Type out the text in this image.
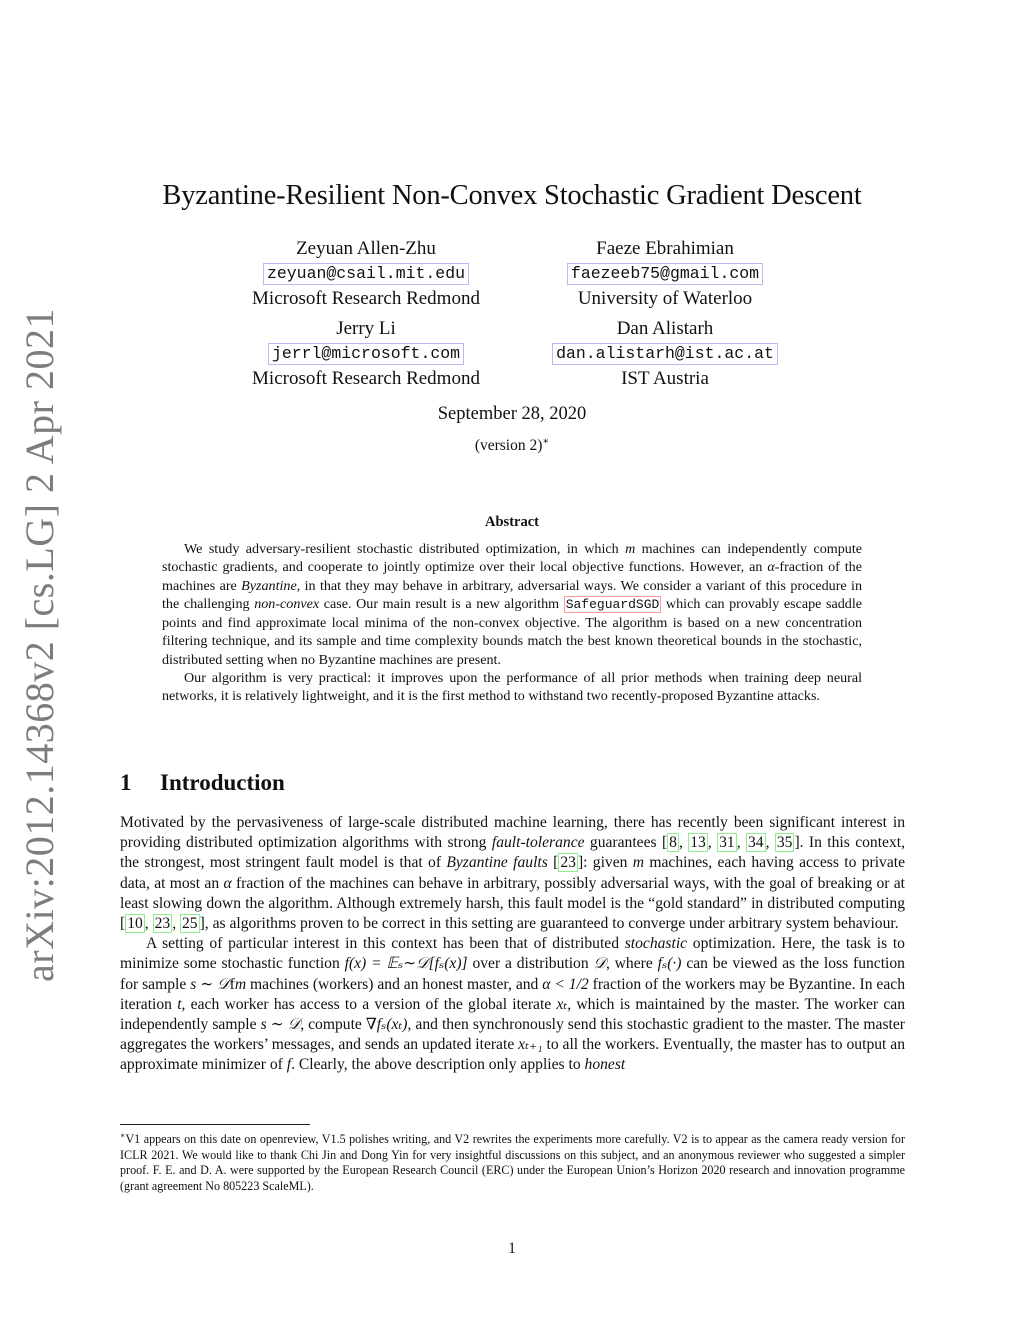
arXiv:2012.14368v2 [cs.LG] 2 Apr 2021
Byzantine-Resilient Non-Convex Stochastic Gradient Descent
Zeyuan Allen-Zhu
zeyuan@csail.mit.edu
Microsoft Research Redmond
Faeze Ebrahimian
faezeeb75@gmail.com
University of Waterloo
Jerry Li
jerrl@microsoft.com
Microsoft Research Redmond
Dan Alistarh
dan.alistarh@ist.ac.at
IST Austria
September 28, 2020
(version 2)∗
Abstract

We study adversary-resilient stochastic distributed optimization, in which m machines can independently compute stochastic gradients, and cooperate to jointly optimize over their local objective functions. However, an α-fraction of the machines are Byzantine, in that they may behave in arbitrary, adversarial ways. We consider a variant of this procedure in the challenging non-convex case. Our main result is a new algorithm SafeguardSGD which can provably escape saddle points and find approximate local minima of the non-convex objective. The algorithm is based on a new concentration filtering technique, and its sample and time complexity bounds match the best known theoretical bounds in the stochastic, distributed setting when no Byzantine machines are present.

Our algorithm is very practical: it improves upon the performance of all prior methods when training deep neural networks, it is relatively lightweight, and it is the first method to withstand two recently-proposed Byzantine attacks.

1 Introduction

Motivated by the pervasiveness of large-scale distributed machine learning, there has recently been significant interest in providing distributed optimization algorithms with strong fault-tolerance guarantees [ 8 , 13 , 31 , 34 , 35 ]. In this context, the strongest, most stringent fault model is that of Byzantine faults [ 23 ]: given m machines, each having access to private data, at most an α fraction of the machines can behave in arbitrary, possibly adversarial ways, with the goal of breaking or at least slowing down the algorithm. Although extremely harsh, this fault model is the “gold standard” in distributed computing [ 10 , 23 , 25 ], as algorithms proven to be correct in this setting are guaranteed to converge under arbitrary system behaviour.

A setting of particular interest in this context has been that of distributed stochastic optimization. Here, the task is to minimize some stochastic function f(x) = 𝔼ₛ∼𝒟[fₛ(x)] over a distribution 𝒟, where fₛ(·) can be viewed as the loss function for sample s ∼ 𝒟fm machines (workers) and an honest master, and α < 1/2 fraction of the workers may be Byzantine. In each iteration t, each worker has access to a version of the global iterate xₜ, which is maintained by the master. The worker can independently sample s ∼ 𝒟, compute ∇fₛ(xₜ), and then synchronously send this stochastic gradient to the master. The master aggregates the workers’ messages, and sends an updated iterate xₜ₊₁ to all the workers. Eventually, the master has to output an approximate minimizer of f. Clearly, the above description only applies to honest

∗V1 appears on this date on openreview, V1.5 polishes writing, and V2 rewrites the experiments more carefully. V2 is to appear as the camera ready version for ICLR 2021. We would like to thank Chi Jin and Dong Yin for very insightful discussions on this subject, and an anonymous reviewer who suggested a simpler proof. F. E. and D. A. were supported by the European Research Council (ERC) under the European Union’s Horizon 2020 research and innovation programme (grant agreement No 805223 ScaleML).
1
